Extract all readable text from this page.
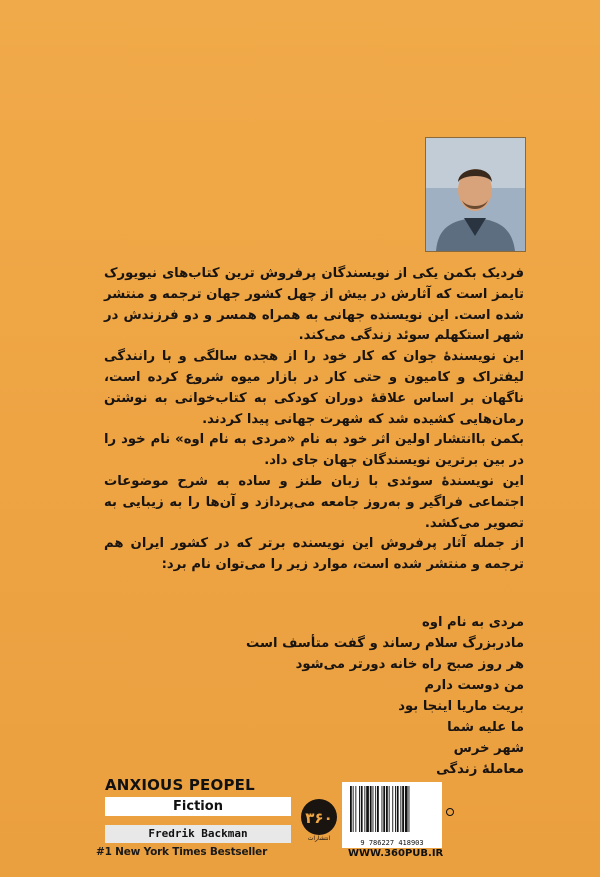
فردیک بکمن یکی از نویسندگان پرفروش ترین کتاب‌های نیویورک تایمز است که آثارش در بیش از چهل کشور جهان ترجمه و منتشر شده است. این نویسنده جهانی به همراه همسر و دو فرزندش در شهر استکهلم سوئد زندگی می‌کند.

این نویسندهٔ جوان که کار خود را از هجده سالگی و با رانندگی لیفتراک و کامیون و حتی کار در بازار میوه شروع کرده است، ناگهان بر اساس علاقهٔ دوران کودکی به کتاب‌خوانی به نوشتن رمان‌هایی کشیده شد که شهرت جهانی پیدا کردند.

بکمن باانتشار اولین اثر خود به نام «مردی به نام اوه» نام خود را در بین برترین نویسندگان جهان جای داد.

این نویسندهٔ سوئدی با زبان طنز و ساده به شرح موضوعات اجتماعی فراگیر و به‌روز جامعه می‌پردازد و آن‌ها را به زیبایی به تصویر می‌کشد.

از جمله آثار پرفروش این نویسنده برتر که در کشور ایران هم ترجمه و منتشر شده است، موارد زیر را می‌توان نام برد:

مردی به نام اوه
مادربزرگ سلام رساند و گفت متأسف است
هر روز صبح راه خانه دورتر می‌شود
من دوست دارم
بریت ماریا اینجا بود
ما علیه شما
شهر خرس
معاملهٔ زندگی
ANXIOUS PEOPEL
Fiction
Fredrik Backman
#1 New York Times Bestseller
۳۶۰
انتشارات
9 786227 418903
WWW.360PUB.IR
